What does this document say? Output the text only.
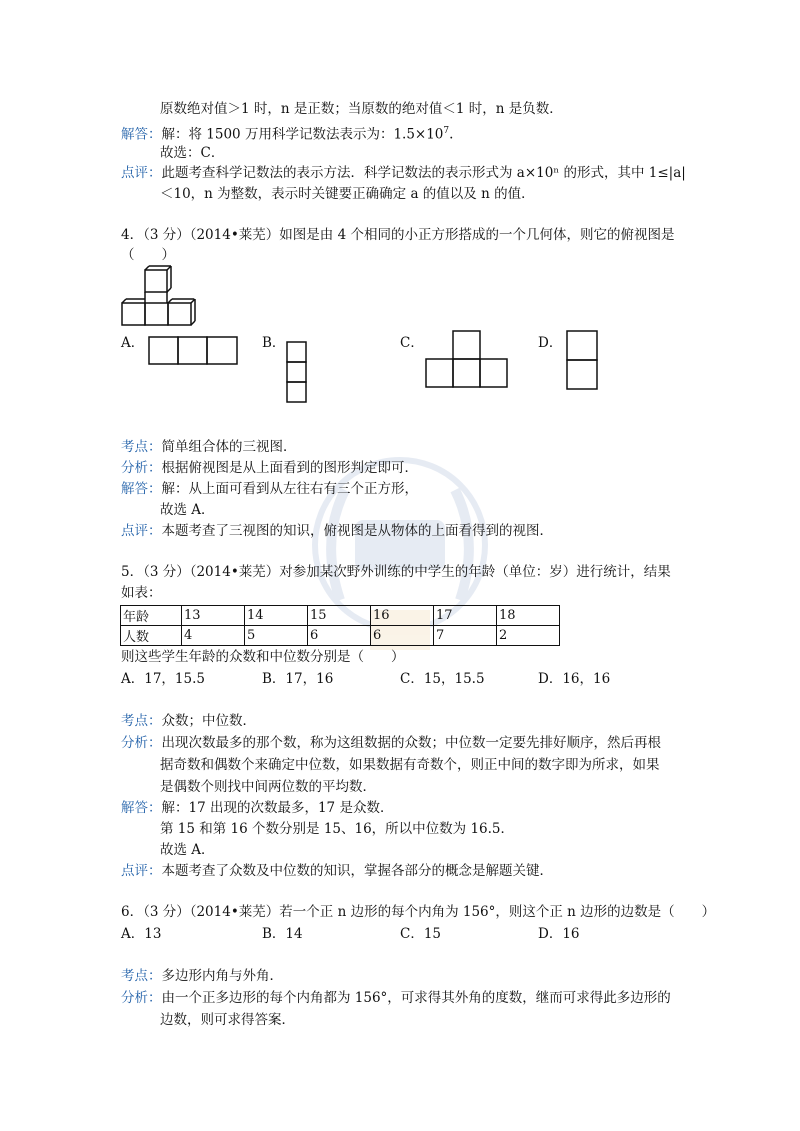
原数绝对值＞1 时，n 是正数；当原数的绝对值＜1 时，n 是负数．
解答：解：将 1500 万用科学记数法表示为：$1.5\times 10^7$.
故选：C．
点评：此题考查科学记数法的表示方法．科学记数法的表示形式为 a×10ⁿ 的形式，其中 1≤|a|
＜10，n 为整数，表示时关键要正确确定 a 的值以及 n 的值．
4．（3 分）（2014•莱芜）如图是由 4 个相同的小正方形搭成的一个几何体，则它的俯视图是
（　　）
A．	B．	C．	D．
考点：简单组合体的三视图．
分析：根据俯视图是从上面看到的图形判定即可．
解答：解：从上面可看到从左往右有三个正方形，
故选 A．
点评：本题考查了三视图的知识，俯视图是从物体的上面看得到的视图．
5．（3 分）（2014•莱芜）对参加某次野外训练的中学生的年龄（单位：岁）进行统计，结果
如表：
年龄	13	14	15	16	17	18
人数	4	5	6	6	7	2
则这些学生年龄的众数和中位数分别是（　　）
A．17，15.5	B．17，16	C．15，15.5	D．16，16
考点：众数；中位数．
分析：出现次数最多的那个数，称为这组数据的众数；中位数一定要先排好顺序，然后再根
据奇数和偶数个来确定中位数，如果数据有奇数个，则正中间的数字即为所求，如果
是偶数个则找中间两位数的平均数．
解答：解：17 出现的次数最多，17 是众数．
第 15 和第 16 个数分别是 15、16，所以中位数为 16.5．
故选 A．
点评：本题考查了众数及中位数的知识，掌握各部分的概念是解题关键．
6．（3 分）（2014•莱芜）若一个正 n 边形的每个内角为 156°，则这个正 n 边形的边数是（　　）
A．13	B．14	C．15	D．16
考点：多边形内角与外角．
分析：由一个正多边形的每个内角都为 156°，可求得其外角的度数，继而可求得此多边形的
边数，则可求得答案．
